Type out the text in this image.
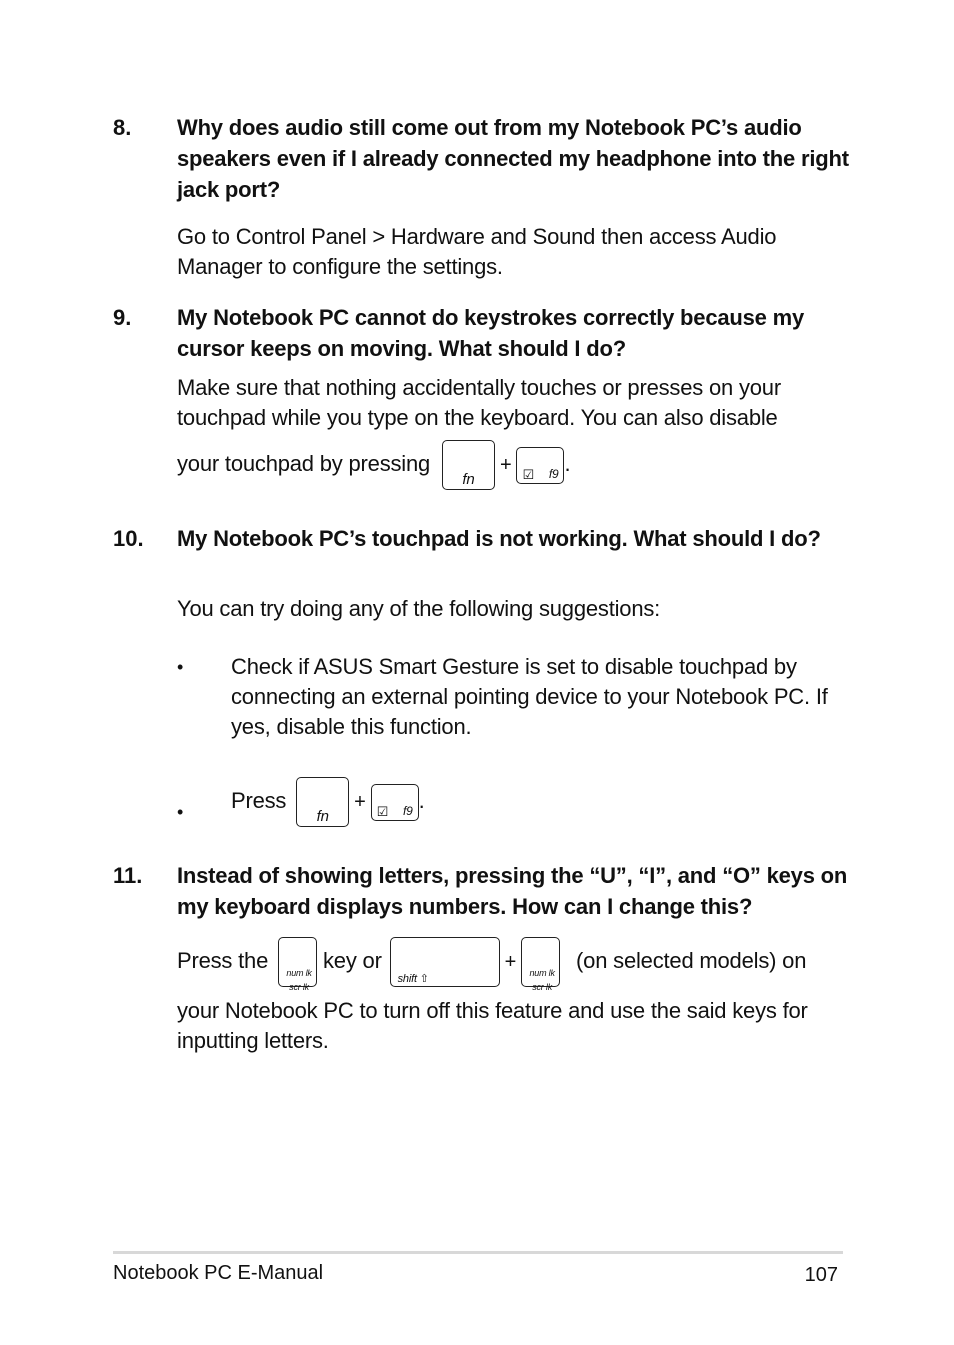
8. Why does audio still come out from my Notebook PC’s audio speakers even if I already connected my headphone into the right jack port?
Go to Control Panel > Hardware and Sound then access Audio Manager to configure the settings.
9. My Notebook PC cannot do keystrokes correctly because my cursor keeps on moving. What should I do?
Make sure that nothing accidentally touches or presses on your touchpad while you type on the keyboard. You can also disable
your touchpad by pressing
fn
+	f9
☑ .
10. My Notebook PC’s touchpad is not working. What should I do?
You can try doing any of the following suggestions:
• Check if ASUS Smart Gesture is set to disable touchpad by connecting an external pointing device to your Notebook PC. If yes, disable this function.
• Press
fn
+	f9
☑ .
11. Instead of showing letters, pressing the “U”, “I”, and “O” keys on my keyboard displays numbers. How can I change this?
Press the
num lk
scr lk
key or
shift ⇧
+	num lk
scr lk
(on selected models) on
your Notebook PC to turn off this feature and use the said keys for inputting letters.
Notebook PC E-Manual	107
